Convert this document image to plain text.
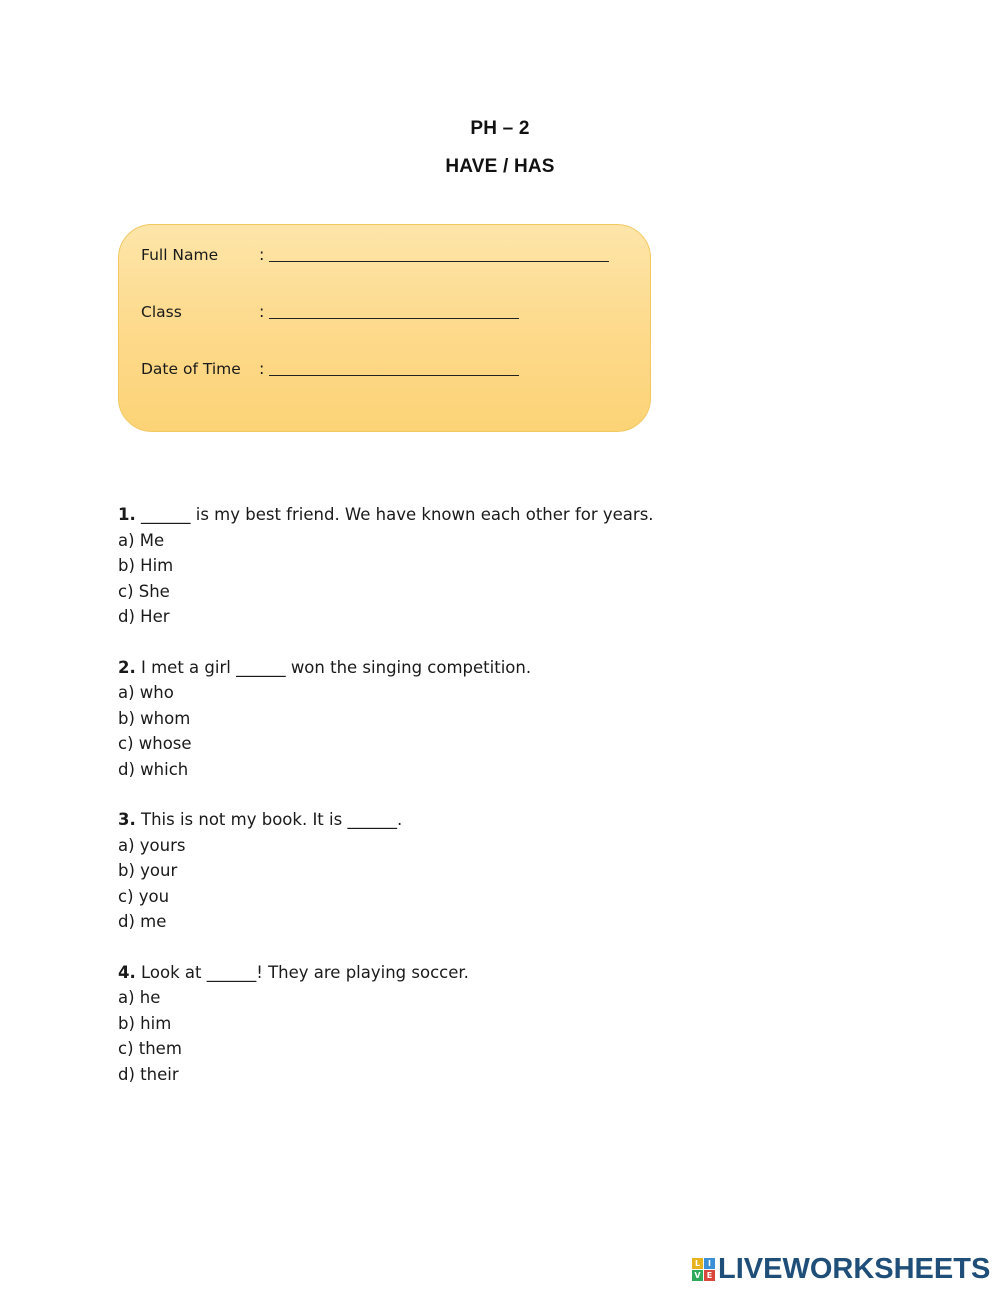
PH – 2
HAVE / HAS
Full Name	:
Class	:
Date of Time	:
1. ______ is my best friend. We have known each other for years.
a) Me
b) Him
c) She
d) Her
2. I met a girl ______ won the singing competition.
a) who
b) whom
c) whose
d) which
3. This is not my book. It is ______.
a) yours
b) your
c) you
d) me
4. Look at ______! They are playing soccer.
a) he
b) him
c) them
d) their
L I
V E LIVEWORKSHEETS
